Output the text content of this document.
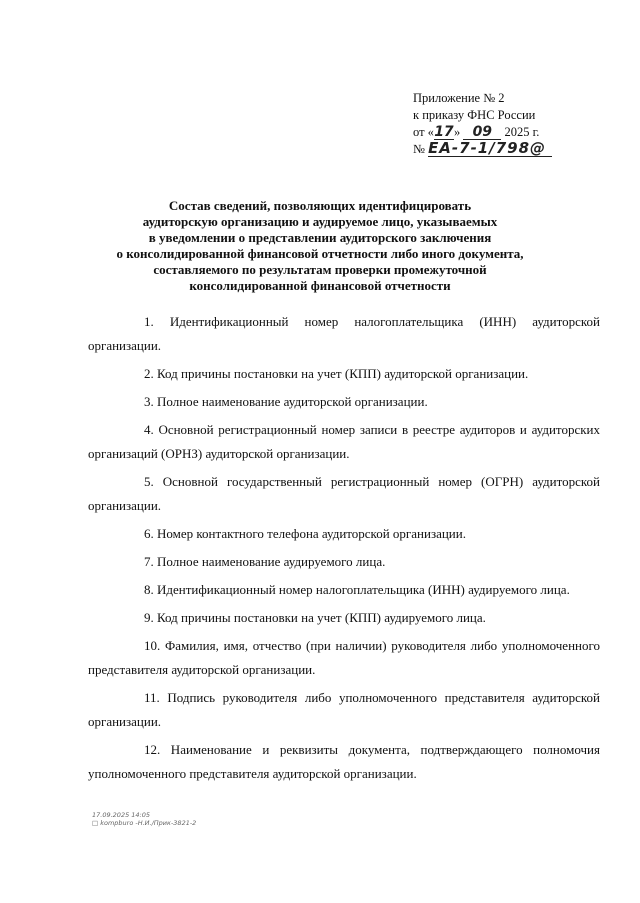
Приложение № 2
к приказу ФНС России
от «17» 09 2025 г.
№ ЕА-7-1/798@
Состав сведений, позволяющих идентифицировать
аудиторскую организацию и аудируемое лицо, указываемых
в уведомлении о представлении аудиторского заключения
о консолидированной финансовой отчетности либо иного документа,
составляемого по результатам проверки промежуточной
консолидированной финансовой отчетности

1. Идентификационный номер налогоплательщика (ИНН) аудиторской организации.

2. Код причины постановки на учет (КПП) аудиторской организации.

3. Полное наименование аудиторской организации.

4. Основной регистрационный номер записи в реестре аудиторов и аудиторских организаций (ОРНЗ) аудиторской организации.

5. Основной государственный регистрационный номер (ОГРН) аудиторской организации.

6. Номер контактного телефона аудиторской организации.

7. Полное наименование аудируемого лица.

8. Идентификационный номер налогоплательщика (ИНН) аудируемого лица.

9. Код причины постановки на учет (КПП) аудируемого лица.

10. Фамилия, имя, отчество (при наличии) руководителя либо уполномоченного представителя аудиторской организации.

11. Подпись руководителя либо уполномоченного представителя аудиторской организации.

12. Наименование и реквизиты документа, подтверждающего полномочия уполномоченного представителя аудиторской организации.

17.09.2025 14:05
□ kompburo -Н.И./Прик-3821-2
